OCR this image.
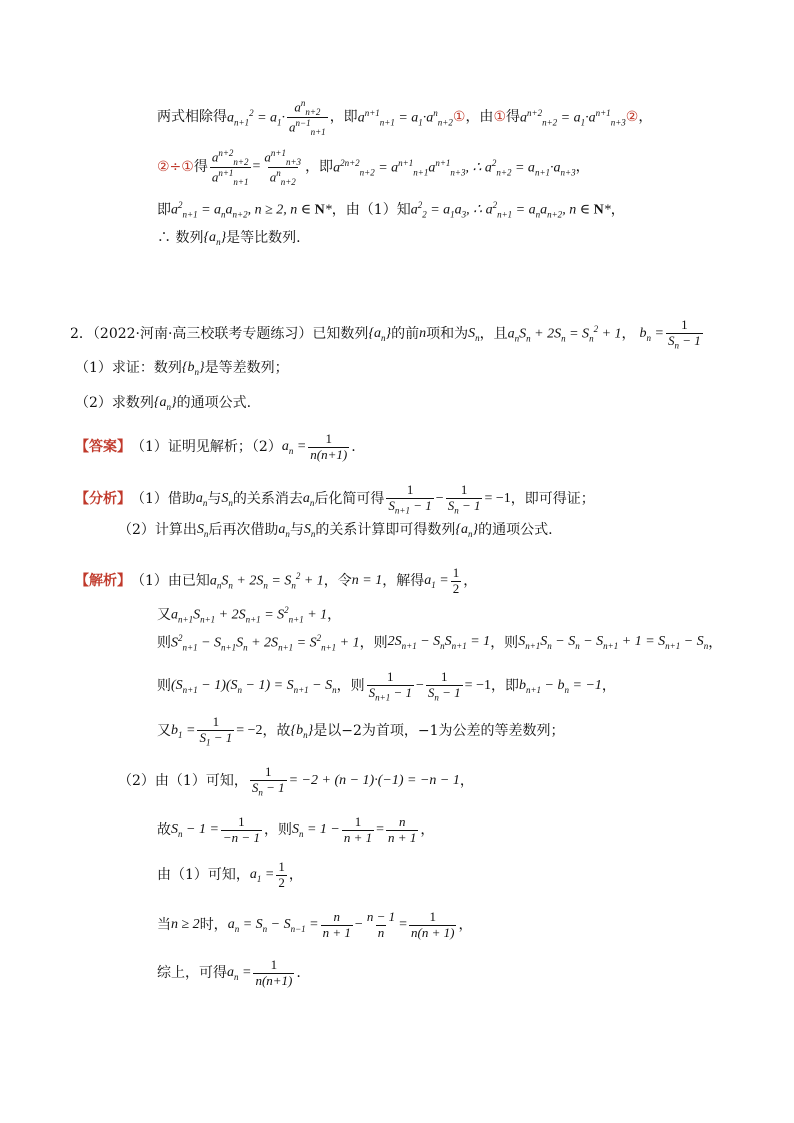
两式相除得 $a_{n+1}^2 = a_1\cdot \frac{a^n_{n+2}}{a^{n-1}_{n+1}}$ ，即 $a^{n+1}_{n+1} = a_1\cdot a^n_{n+2}$ ① ，由 ① 得 $a^{n+2}_{n+2} = a_1\cdot a^{n+1}_{n+3}$ ② ，
②÷① 得 $\frac{a^{n+2}_{n+2}}{a^{n+1}_{n+1}} = \frac{a^{n+1}_{n+3}}{a^n_{n+2}}$ ，即 $a^{2n+2}_{n+2} = a^{n+1}_{n+1}a^{n+1}_{n+3}$, ∴ $a^2_{n+2} = a_{n+1}\cdot a_{n+3}$ ，
即 $a^2_{n+1} = a_na_{n+2}$, n ≥ 2, n ∈ N* ，由（1）知 $a^2_2 = a_1a_3$, ∴ $a^2_{n+1} = a_na_{n+2}$, n ∈ N* ，
∴ 数列 $\{a_n\}$ 是等比数列.
2．（2022·河南·高三校联考专题练习）已知数列 $\{a_n\}$ 的前 n 项和为 $S_n$ ，且 $a_nS_n + 2S_n = S_n^2 + 1$ ， $b_n = \frac{1}{S_n - 1}$
（1）求证：数列 $\{b_n\}$ 是等差数列；
（2）求数列 $\{a_n\}$ 的通项公式.
【答案】 （1）证明见解析；（2） $a_n = \frac{1}{n(n+1)}$ .
【分析】 （1）借助 $a_n$ 与 $S_n$ 的关系消去 $a_n$ 后化简可得 $\frac{1}{S_{n+1} - 1} - \frac{1}{S_n - 1} = -1$ ，即可得证；
（2）计算出 $S_n$ 后再次借助 $a_n$ 与 $S_n$ 的关系计算即可得数列 $\{a_n\}$ 的通项公式.
【解析】 （1）由已知 $a_nS_n + 2S_n = S_n^2 + 1$ ，令 n = 1 ，解得 $a_1 = \frac{1}{2}$ ，
又 $a_{n+1}S_{n+1} + 2S_{n+1} = S^2_{n+1} + 1$ ，
则 $S^2_{n+1} - S_{n+1}S_n + 2S_{n+1} = S^2_{n+1} + 1$ ，则 $2S_{n+1} - S_nS_{n+1} = 1$ ，则 $S_{n+1}S_n - S_n - S_{n+1} + 1 = S_{n+1} - S_n$ ，
则 $(S_{n+1} - 1)(S_n - 1) = S_{n+1} - S_n$ ，则 $\frac{1}{S_{n+1} - 1} - \frac{1}{S_n - 1} = -1$ ，即 $b_{n+1} - b_n = -1$ ，
又 $b_1 = \frac{1}{S_1 - 1} = -2$ ，故 $\{b_n\}$ 是以−2为首项，−1为公差的等差数列；
（2）由（1）可知， $\frac{1}{S_n - 1} = -2 + (n - 1)\cdot(-1) = -n - 1$ ，
故 $S_n - 1 = \frac{1}{-n - 1}$ ，则 $S_n = 1 - \frac{1}{n + 1} = \frac{n}{n + 1}$ ，
由（1）可知， $a_1 = \frac{1}{2}$ ，
当 n ≥ 2 时， $a_n = S_n - S_{n-1} = \frac{n}{n + 1} - \frac{n - 1}{n} = \frac{1}{n(n + 1)}$ ，
综上，可得 $a_n = \frac{1}{n(n+1)}$ .
